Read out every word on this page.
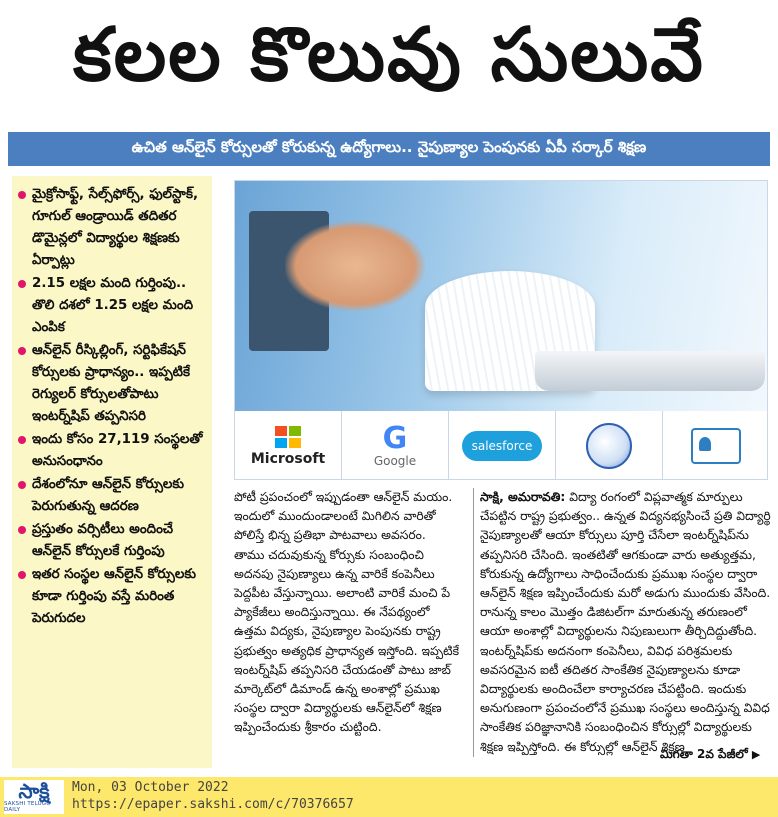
కలల కొలువు సులువే
ఉచిత ఆన్‌లైన్ కోర్సులతో కోరుకున్న ఉద్యోగాలు.. నైపుణ్యాల పెంపునకు ఏపీ సర్కార్ శిక్షణ
మైక్రోసాఫ్ట్, సేల్స్‌ఫోర్స్, ఫుల్‌స్టాక్, గూగుల్ ఆండ్రాయిడ్ తదితర డొమైన్లలో విద్యార్థుల శిక్షణకు ఏర్పాట్లు
2.15 లక్షల మంది గుర్తింపు.. తొలి దశలో 1.25 లక్షల మంది ఎంపిక
ఆన్‌లైన్ రీస్కిల్లింగ్, సర్టిఫికేషన్ కోర్సులకు ప్రాధాన్యం.. ఇప్పటికే రెగ్యులర్ కోర్సులతోపాటు ఇంటర్న్‌షిప్ తప్పనిసరి
ఇందు కోసం 27,119 సంస్థలతో అనుసంధానం
దేశంలోనూ ఆన్‌లైన్ కోర్సులకు పెరుగుతున్న ఆదరణ
ప్రస్తుతం వర్సిటీలు అందించే ఆన్‌లైన్ కోర్సులకే గుర్తింపు
ఇతర సంస్థల ఆన్‌లైన్ కోర్సులకు కూడా గుర్తింపు వస్తే మరింత పెరుగుదల
Microsoft
G
Google
salesforce
పోటీ ప్రపంచంలో ఇప్పుడంతా ఆన్‌లైన్ మయం. ఇందులో ముందుండాలంటే మిగిలిన వారితో పోలిస్తే భిన్న ప్రతిభా పాటవాలు అవసరం. తాము చదువుకున్న కోర్సుకు సంబంధించి అదనపు నైపుణ్యాలు ఉన్న వారికే కంపెనీలు పెద్దపీట వేస్తున్నాయి. అలాంటి వారికే మంచి పే ప్యాకేజీలు అందిస్తున్నాయి. ఈ నేపథ్యంలో ఉత్తమ విద్యకు, నైపుణ్యాల పెంపునకు రాష్ట్ర ప్రభుత్వం అత్యధిక ప్రాధాన్యత ఇస్తోంది. ఇప్పటికే ఇంటర్న్‌షిప్ తప్పనిసరి చేయడంతో పాటు జాబ్ మార్కెట్‌లో డిమాండ్ ఉన్న అంశాల్లో ప్రముఖ సంస్థల ద్వారా విద్యార్థులకు ఆన్‌లైన్‌లో శిక్షణ ఇప్పించేందుకు శ్రీకారం చుట్టింది.
సాక్షి, అమరావతి: విద్యా రంగంలో విప్లవాత్మక మార్పులు చేపట్టిన రాష్ట్ర ప్రభుత్వం.. ఉన్నత విద్యనభ్యసించే ప్రతి విద్యార్థి నైపుణ్యాలతో ఆయా కోర్సులు పూర్తి చేసేలా ఇంటర్న్‌షిప్‌ను తప్పనిసరి చేసింది. ఇంతటితో ఆగకుండా వారు అత్యుత్తమ, కోరుకున్న ఉద్యోగాలు సాధించేందుకు ప్రముఖ సంస్థల ద్వారా ఆన్‌లైన్ శిక్షణ ఇప్పించేందుకు మరో అడుగు ముందుకు వేసింది. రానున్న కాలం మొత్తం డిజిటల్‌గా మారుతున్న తరుణంలో ఆయా అంశాల్లో విద్యార్థులను నిపుణులుగా తీర్చిదిద్దుతోంది. ఇంటర్న్‌షిప్‌కు అదనంగా కంపెనీలు, వివిధ పరిశ్రమలకు అవసరమైన ఐటీ తదితర సాంకేతిక నైపుణ్యాలను కూడా విద్యార్థులకు అందించేలా కార్యాచరణ చేపట్టింది. ఇందుకు అనుగుణంగా ప్రపంచంలోనే ప్రముఖ సంస్థలు అందిస్తున్న వివిధ సాంకేతిక పరిజ్ఞానానికి సంబంధించిన కోర్సుల్లో విద్యార్థులకు శిక్షణ ఇప్పిస్తోంది. ఈ కోర్సుల్లో ఆన్‌లైన్ శిక్షణ
మిగతా 2వ పేజీలో ▶
సాక్షి
SAKSHI TELUGU DAILY
Mon, 03 October 2022
https://epaper.sakshi.com/c/70376657
